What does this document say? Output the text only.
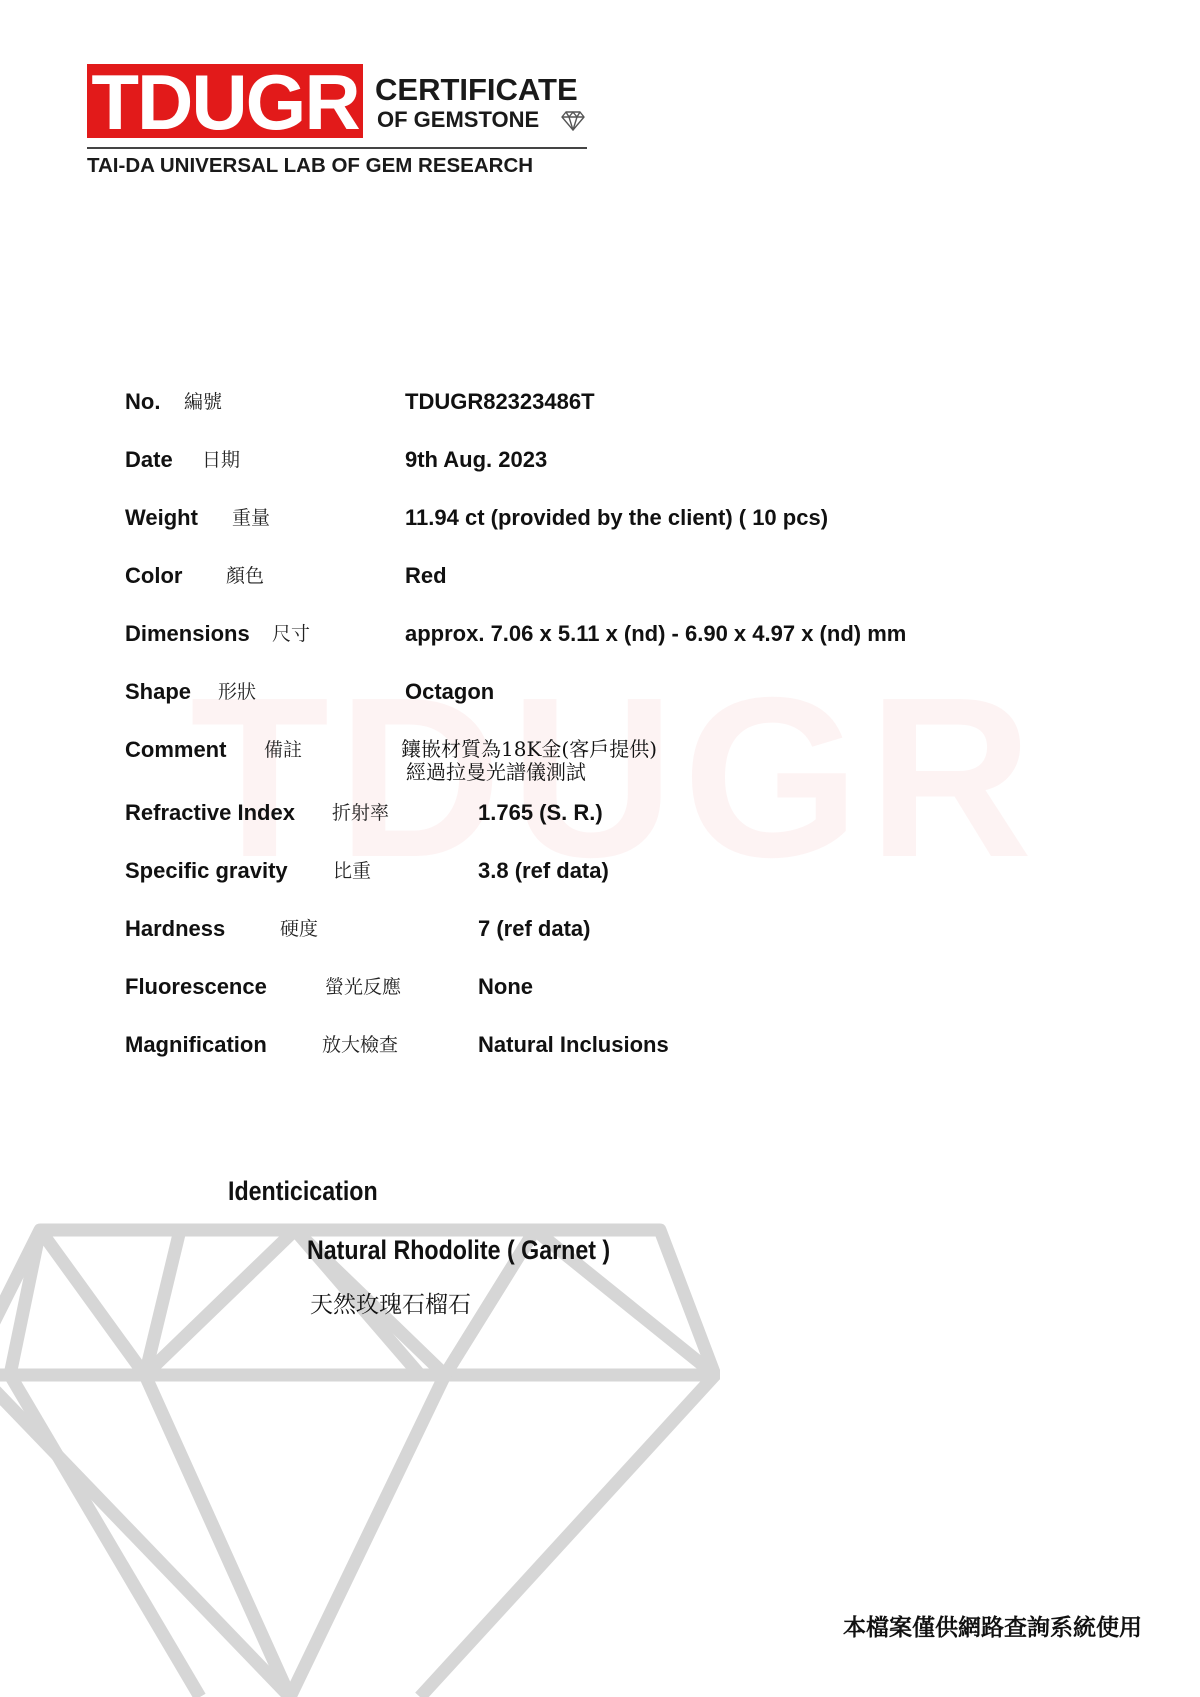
TDUGR CERTIFICATE
OF GEMSTONE
TAI-DA UNIVERSAL LAB OF GEM RESEARCH
No. 編號	TDUGR82323486T
Date 日期	9th Aug. 2023
Weight 重量	11.94 ct (provided by the client) ( 10 pcs)
Color 顏色	Red
Dimensions 尺寸	approx. 7.06 x 5.11 x (nd) - 6.90 x 4.97 x (nd) mm
Shape 形狀	Octagon
Comment 備註	鑲嵌材質為18K金(客戶提供)
經過拉曼光譜儀測試
Refractive Index 折射率	1.765 (S. R.)
Specific gravity 比重	3.8 (ref data)
Hardness	硬度	7 (ref data)
Fluorescence	螢光反應	None
Magnification	放大檢查	Natural Inclusions
Identicication
Natural Rhodolite ( Garnet )
天然玫瑰石榴石
本檔案僅供網路查詢系統使用
